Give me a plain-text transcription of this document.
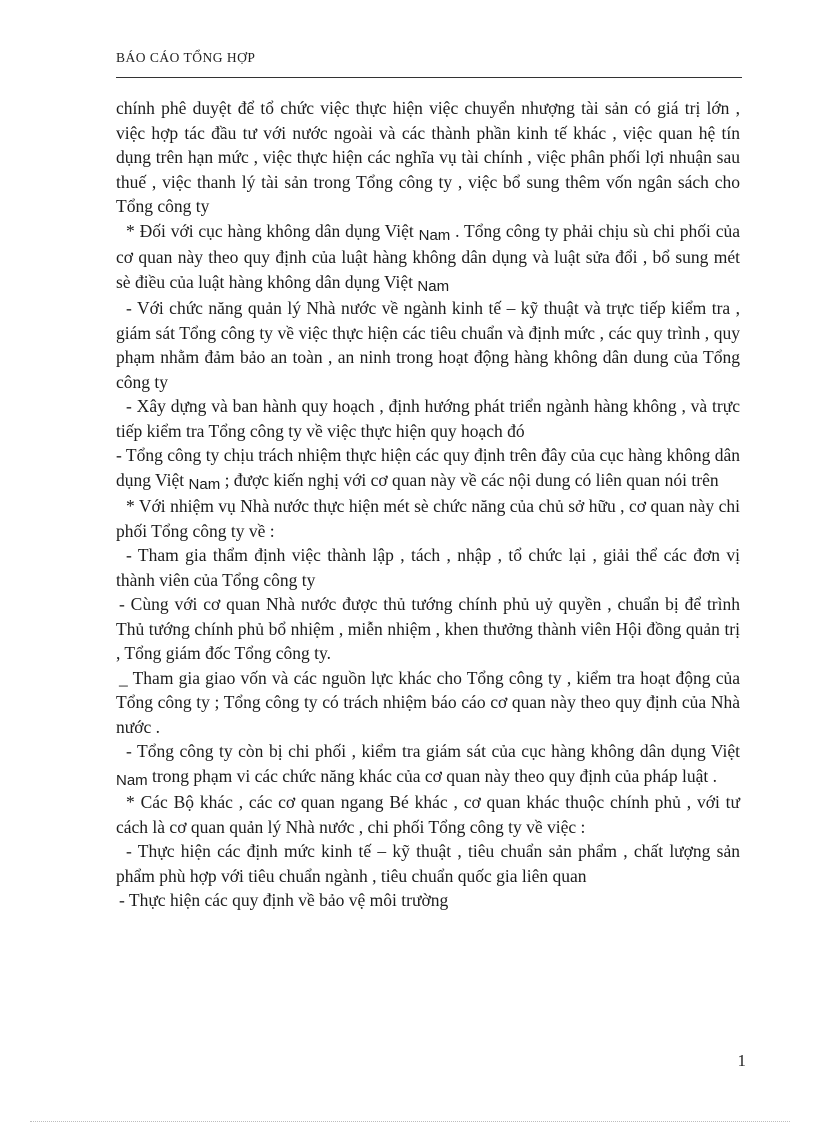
BÁO CÁO TỔNG HỢP

chính phê duyệt để tổ chức việc thực hiện việc chuyển nhượng tài sản có giá trị lớn , việc hợp tác đầu tư với nước ngoài và các thành phần kinh tế khác , việc quan hệ tín dụng trên hạn mức , việc thực hiện các nghĩa vụ tài chính , việc phân phối lợi nhuận sau thuế , việc thanh lý tài sản trong Tổng công ty , việc bổ sung thêm vốn ngân sách cho Tổng công ty

* Đối với cục hàng không dân dụng Việt Nam . Tổng công ty phải chịu sù chi phối của cơ quan này theo quy định của luật hàng không dân dụng và luật sửa đổi , bổ sung mét sè điều của luật hàng không dân dụng Việt Nam

- Với chức năng quản lý Nhà nước về ngành kinh tế – kỹ thuật và trực tiếp kiểm tra , giám sát Tổng công ty về việc thực hiện các tiêu chuẩn và định mức , các quy trình , quy phạm nhằm đảm bảo an toàn , an ninh trong hoạt động hàng không dân dung của Tổng công ty

- Xây dựng và ban hành quy hoạch , định hướng phát triển ngành hàng không , và trực tiếp kiểm tra Tổng công ty về việc thực hiện quy hoạch đó

- Tổng công ty chịu trách nhiệm thực hiện các quy định trên đây của cục hàng không dân dụng Việt Nam ; được kiến nghị với cơ quan này về các nội dung có liên quan nói trên

* Với nhiệm vụ Nhà nước thực hiện mét sè chức năng của chủ sở hữu , cơ quan này chi phối Tổng công ty về :

- Tham gia thẩm định việc thành lập , tách , nhập , tổ chức lại , giải thể các đơn vị thành viên của Tổng công ty

- Cùng với cơ quan Nhà nước được thủ tướng chính phủ uỷ quyền , chuẩn bị để trình Thủ tướng chính phủ bổ nhiệm , miễn nhiệm , khen thưởng thành viên Hội đồng quản trị , Tổng giám đốc Tổng công ty.

_ Tham gia giao vốn và các nguồn lực khác cho Tổng công ty , kiểm tra hoạt động của Tổng công ty ; Tổng công ty có trách nhiệm báo cáo cơ quan này theo quy định của Nhà nước .

- Tổng công ty còn bị chi phối , kiểm tra giám sát của cục hàng không dân dụng Việt Nam trong phạm vi các chức năng khác của cơ quan này theo quy định của pháp luật .

* Các Bộ khác , các cơ quan ngang Bé khác , cơ quan khác thuộc chính phủ , với tư cách là cơ quan quản lý Nhà nước , chi phối Tổng công ty về việc :

- Thực hiện các định mức kinh tế – kỹ thuật , tiêu chuẩn sản phẩm , chất lượng sản phẩm phù hợp với tiêu chuẩn ngành , tiêu chuẩn quốc gia liên quan

- Thực hiện các quy định về bảo vệ môi trường

1
